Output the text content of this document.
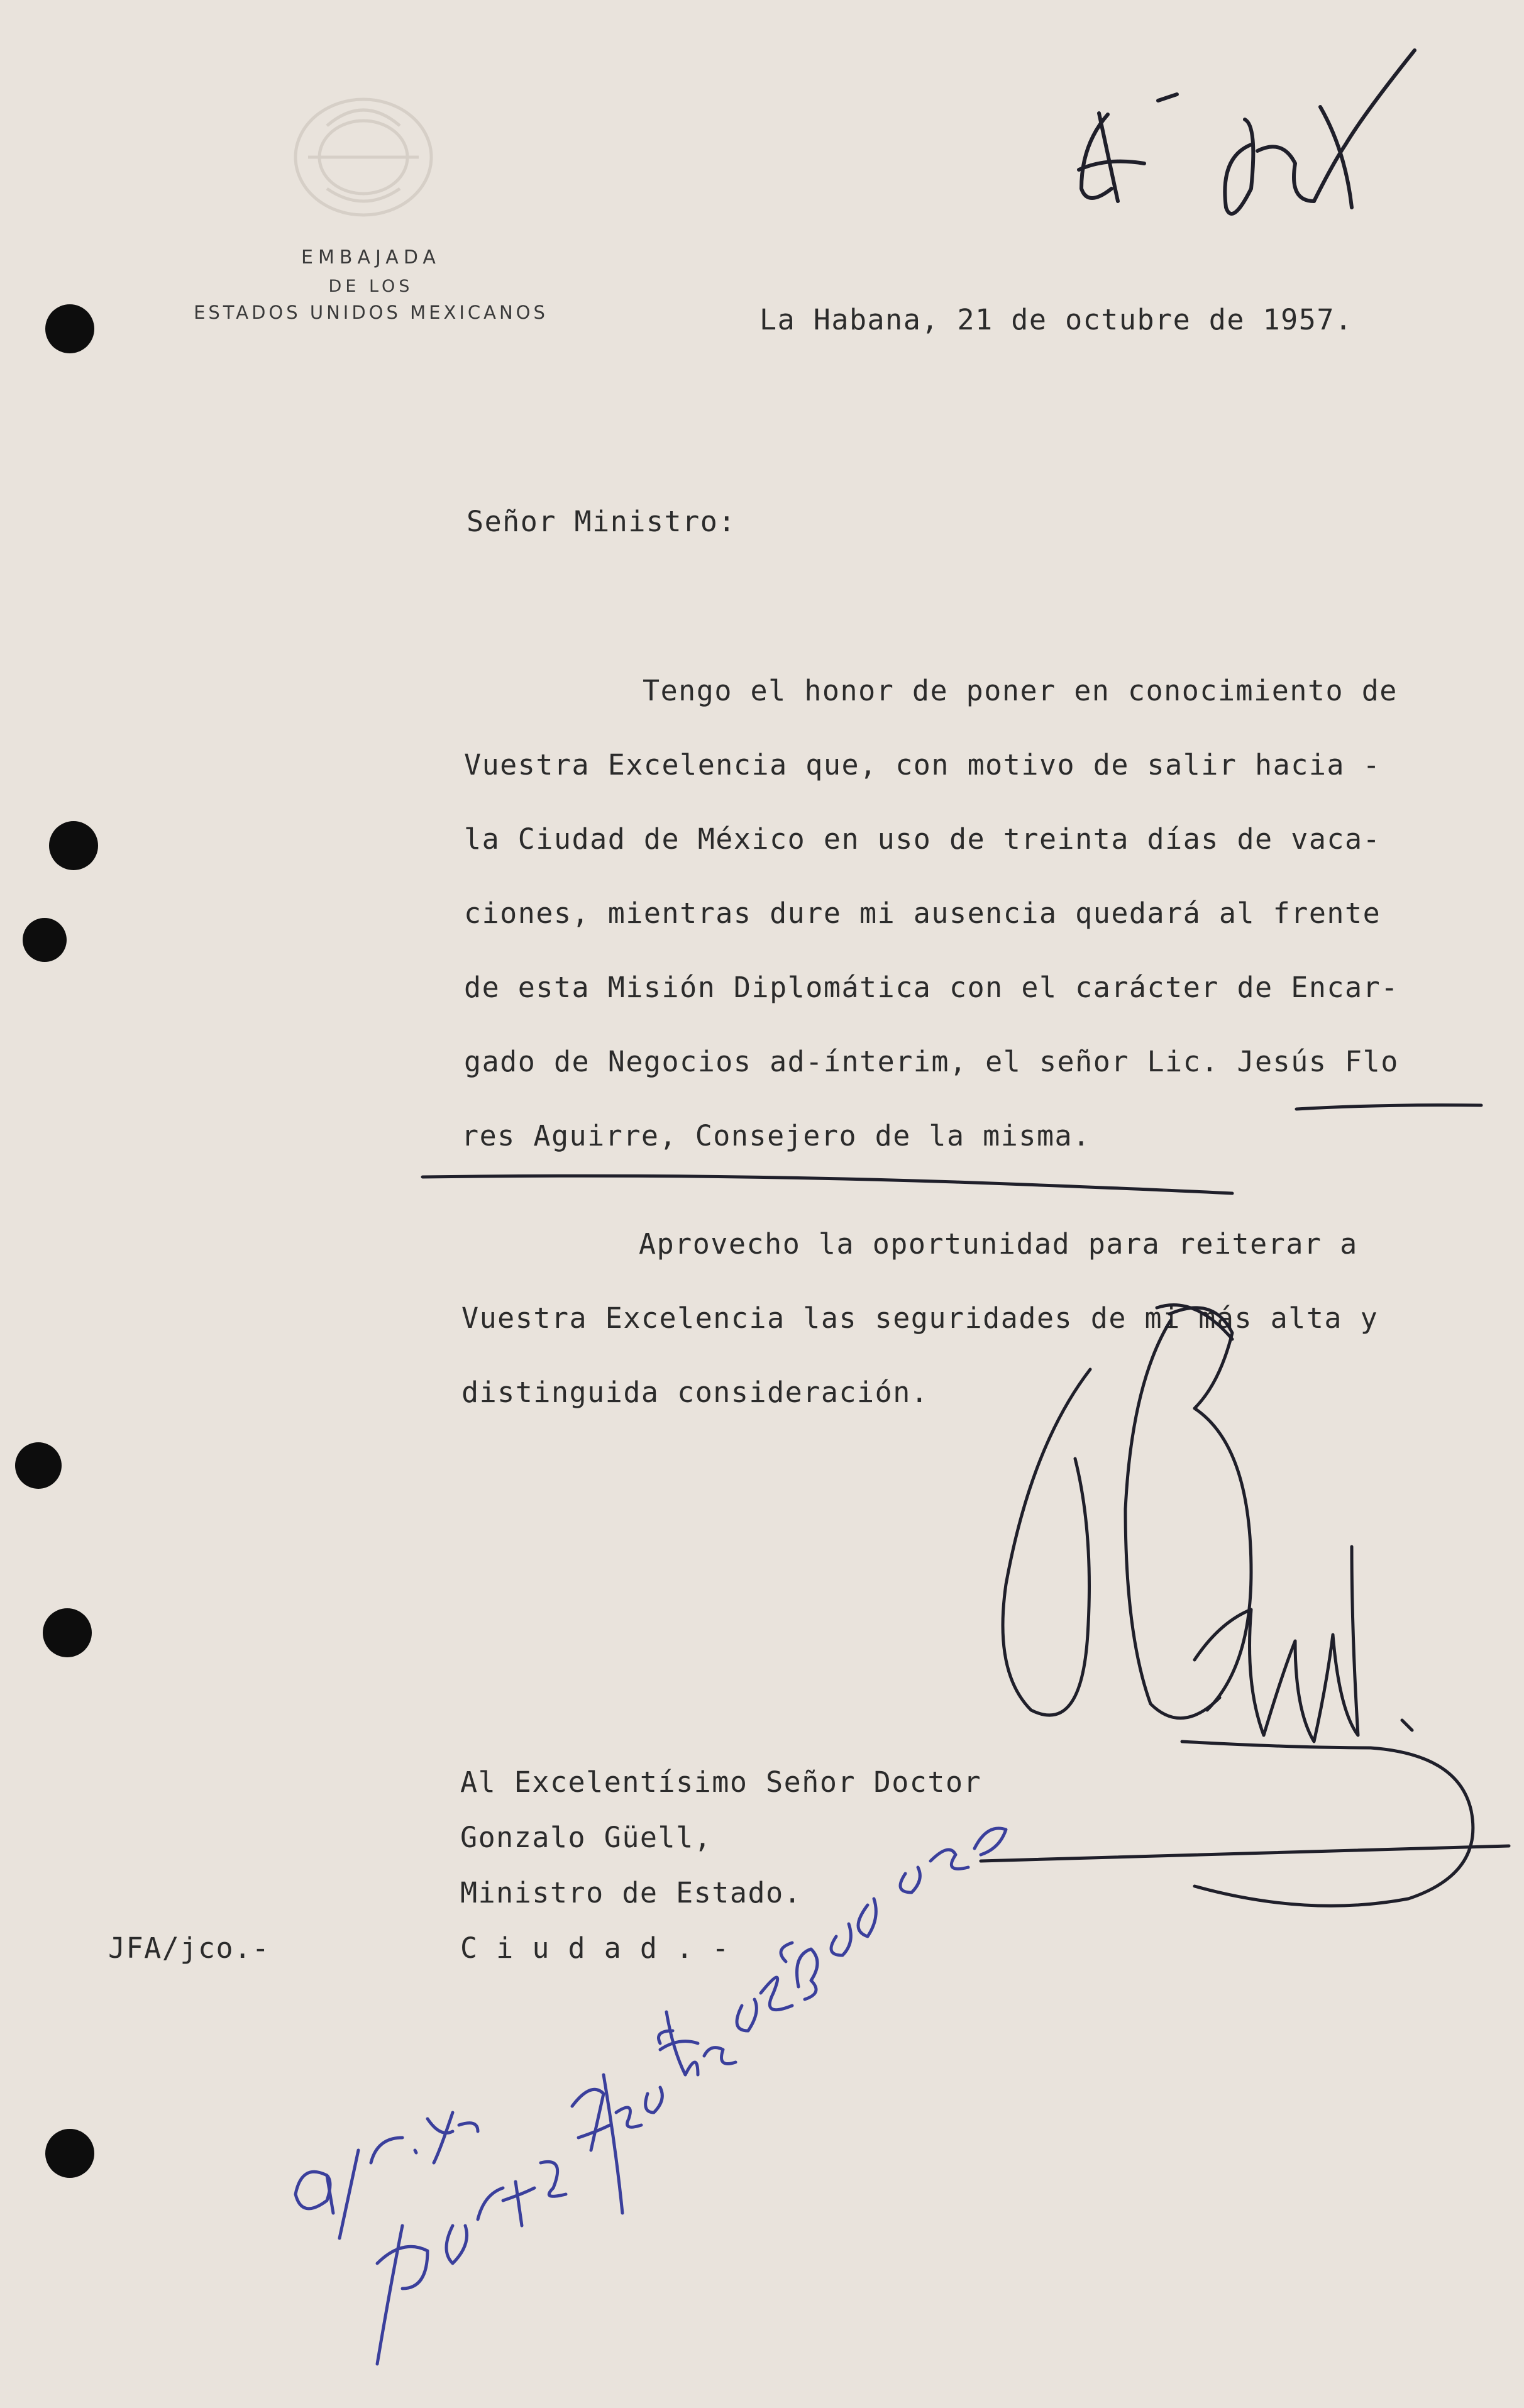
EMBAJADA
DE LOS
ESTADOS UNIDOS MEXICANOS	La Habana, 21 de octubre de 1957.
Señor Ministro:
Tengo el honor de poner en conocimiento de
Vuestra Excelencia que, con motivo de salir hacia -
la Ciudad de México en uso de treinta días de vaca-
ciones, mientras dure mi ausencia quedará al frente
de esta Misión Diplomática con el carácter de Encar-
gado de Negocios ad-ínterim, el señor Lic. Jesús Flo
res Aguirre, Consejero de la misma.
Aprovecho la oportunidad para reiterar a
Vuestra Excelencia las seguridades de mi más alta y
distinguida consideración.
Al Excelentísimo Señor Doctor
Gonzalo Güell,
Ministro de Estado.
C i u d a d . -
JFA/jco.-
